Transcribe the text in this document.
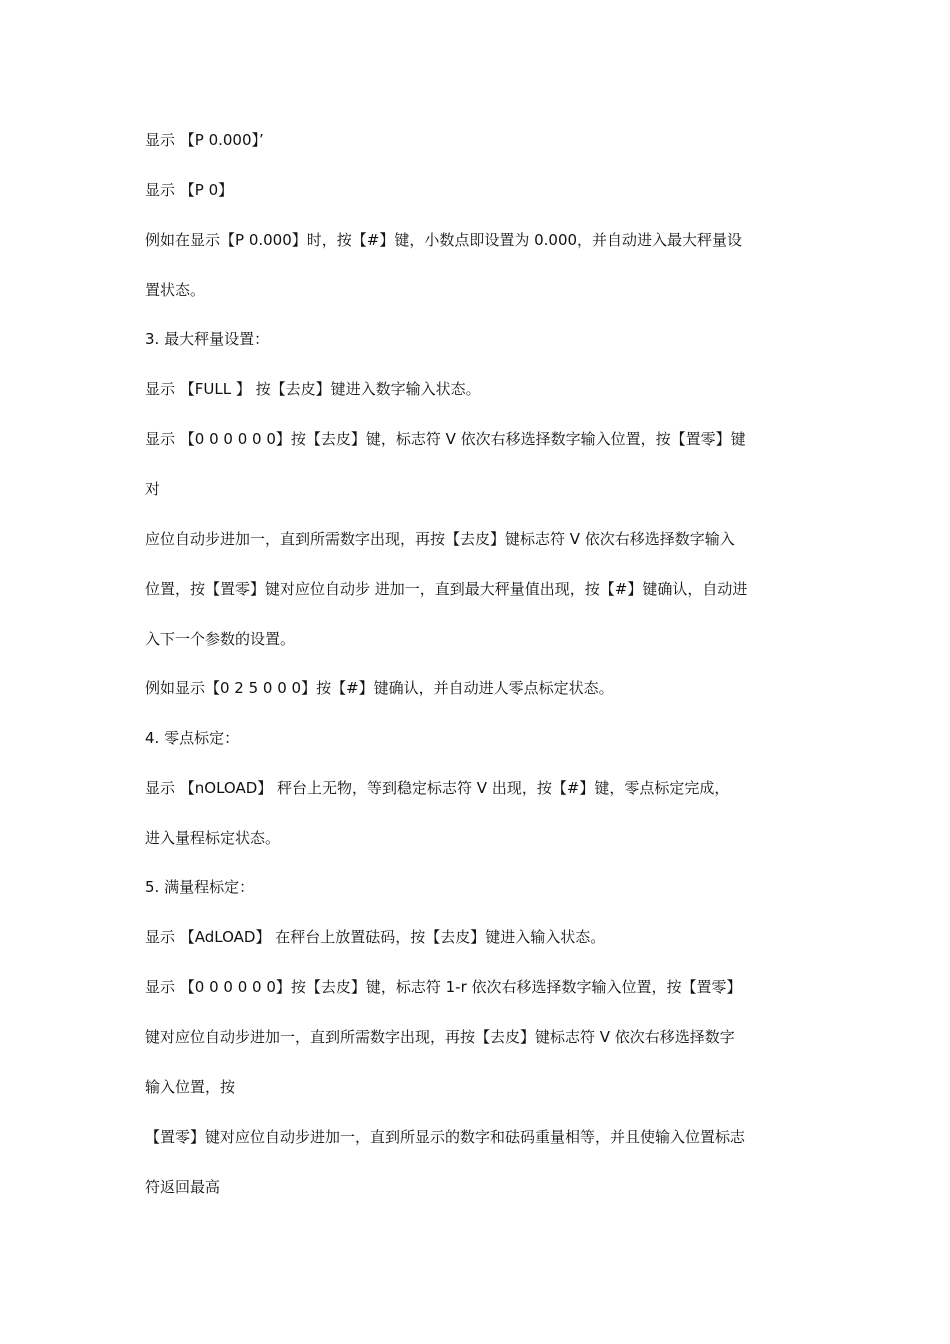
显示 【P 0.000】’
显示 【P 0】
例如在显示【P 0.000】时，按【#】键，小数点即设置为 0.000，并自动进入最大秤量设
置状态。
3. 最大秤量设置：
显示 【FULL 】 按【去皮】键进入数字输入状态。
显示 【0 0 0 0 0 0】按【去皮】键，标志符 V 依次右移选择数字输入位置，按【置零】键
对
应位自动步进加一，直到所需数字出现，再按【去皮】键标志符 V 依次右移选择数字输入
位置，按【置零】键对应位自动步 进加一，直到最大秤量值出现，按【#】键确认，自动进
入下一个参数的设置。
例如显示【0 2 5 0 0 0】按【#】键确认，并自动进人零点标定状态。
4. 零点标定：
显示 【nOLOAD】 秤台上无物，等到稳定标志符 V 出现，按【#】键，零点标定完成，
进入量程标定状态。
5. 满量程标定：
显示 【AdLOAD】 在秤台上放置砝码，按【去皮】键进入输入状态。
显示 【0 0 0 0 0 0】按【去皮】键，标志符 1-r 依次右移选择数字输入位置，按【置零】
键对应位自动步进加一，直到所需数字出现，再按【去皮】键标志符 V 依次右移选择数字
输入位置，按
【置零】键对应位自动步进加一，直到所显示的数字和砝码重量相等，并且使输入位置标志
符返回最高
